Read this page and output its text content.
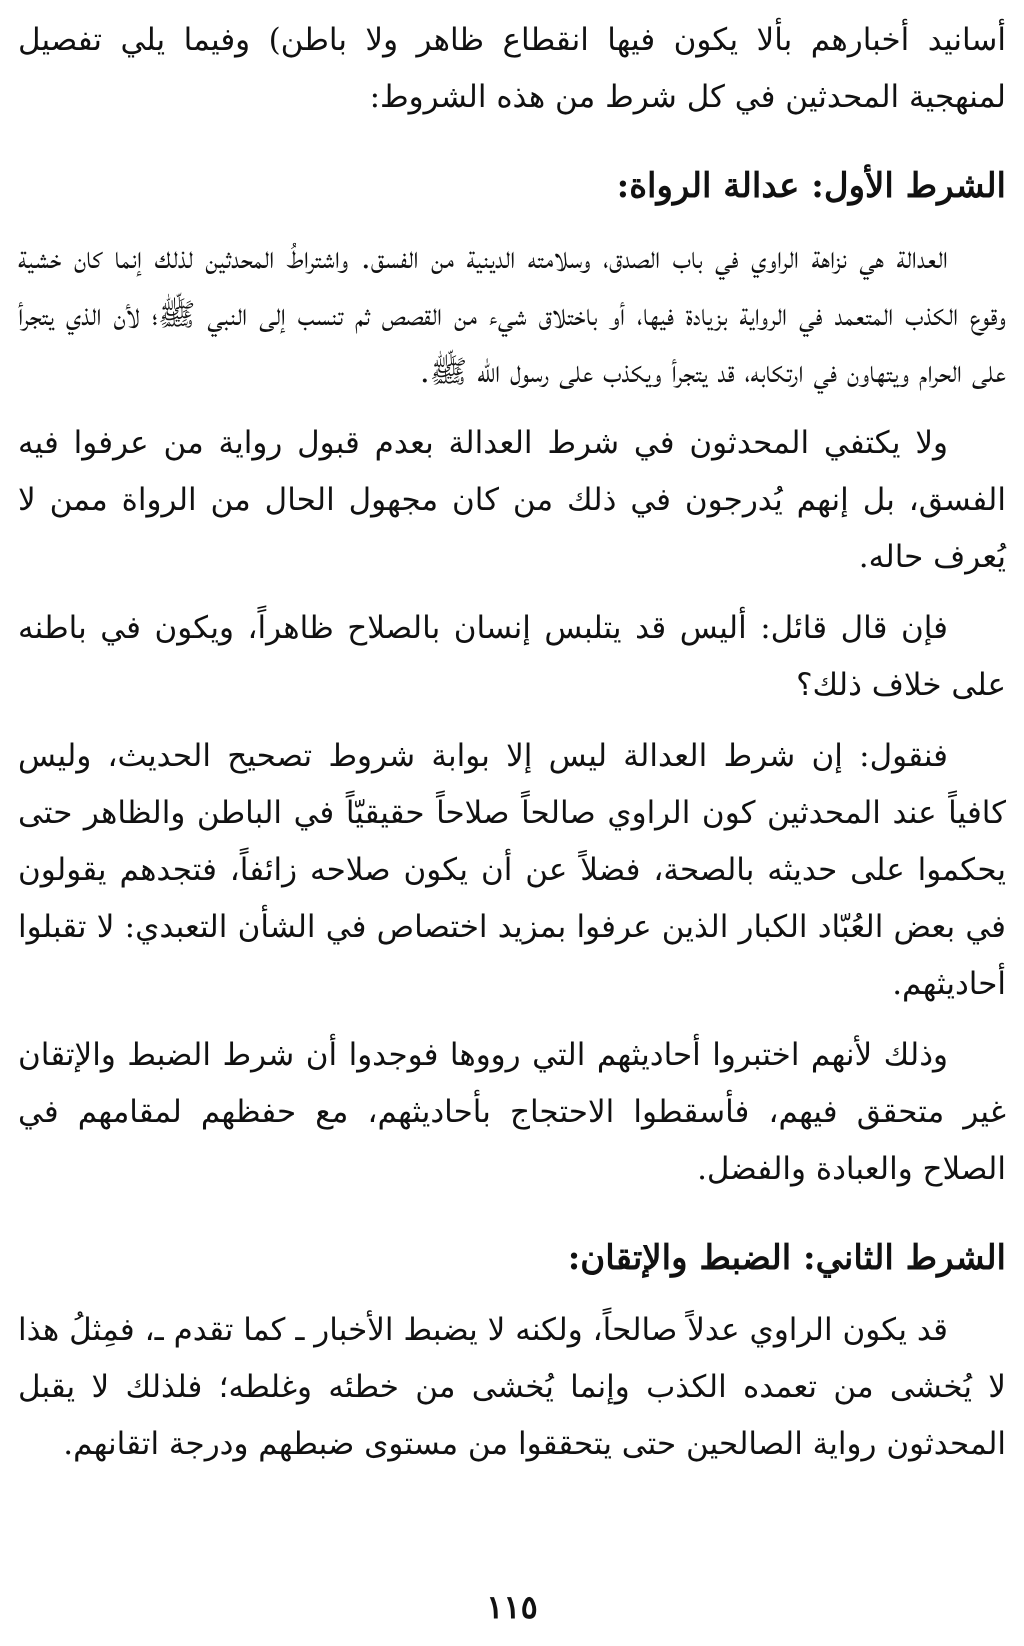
أسانيد أخبارهم بألا يكون فيها انقطاع ظاهر ولا باطن) وفيما يلي تفصيل لمنهجية المحدثين في كل شرط من هذه الشروط:

الشرط الأول: عدالة الرواة:

العدالة هي نزاهة الراوي في باب الصدق، وسلامته الدينية من الفسق. واشتراطُ المحدثين لذلك إنما كان خشية وقوع الكذب المتعمد في الرواية بزيادة فيها، أو باختلاق شيء من القصص ثم تنسب إلى النبي ﷺ؛ لأن الذي يتجرأ على الحرام ويتهاون في ارتكابه، قد يتجرأ ويكذب على رسول الله ﷺ.

ولا يكتفي المحدثون في شرط العدالة بعدم قبول رواية من عرفوا فيه الفسق، بل إنهم يُدرجون في ذلك من كان مجهول الحال من الرواة ممن لا يُعرف حاله.

فإن قال قائل: أليس قد يتلبس إنسان بالصلاح ظاهراً، ويكون في باطنه على خلاف ذلك؟

فنقول: إن شرط العدالة ليس إلا بوابة شروط تصحيح الحديث، وليس كافياً عند المحدثين كون الراوي صالحاً صلاحاً حقيقيّاً في الباطن والظاهر حتى يحكموا على حديثه بالصحة، فضلاً عن أن يكون صلاحه زائفاً، فتجدهم يقولون في بعض العُبّاد الكبار الذين عرفوا بمزيد اختصاص في الشأن التعبدي: لا تقبلوا أحاديثهم.

وذلك لأنهم اختبروا أحاديثهم التي رووها فوجدوا أن شرط الضبط والإتقان غير متحقق فيهم، فأسقطوا الاحتجاج بأحاديثهم، مع حفظهم لمقامهم في الصلاح والعبادة والفضل.

الشرط الثاني: الضبط والإتقان:

قد يكون الراوي عدلاً صالحاً، ولكنه لا يضبط الأخبار ـ كما تقدم ـ، فمِثلُ هذا لا يُخشى من تعمده الكذب وإنما يُخشى من خطئه وغلطه؛ فلذلك لا يقبل المحدثون رواية الصالحين حتى يتحققوا من مستوى ضبطهم ودرجة اتقانهم.

١١٥
